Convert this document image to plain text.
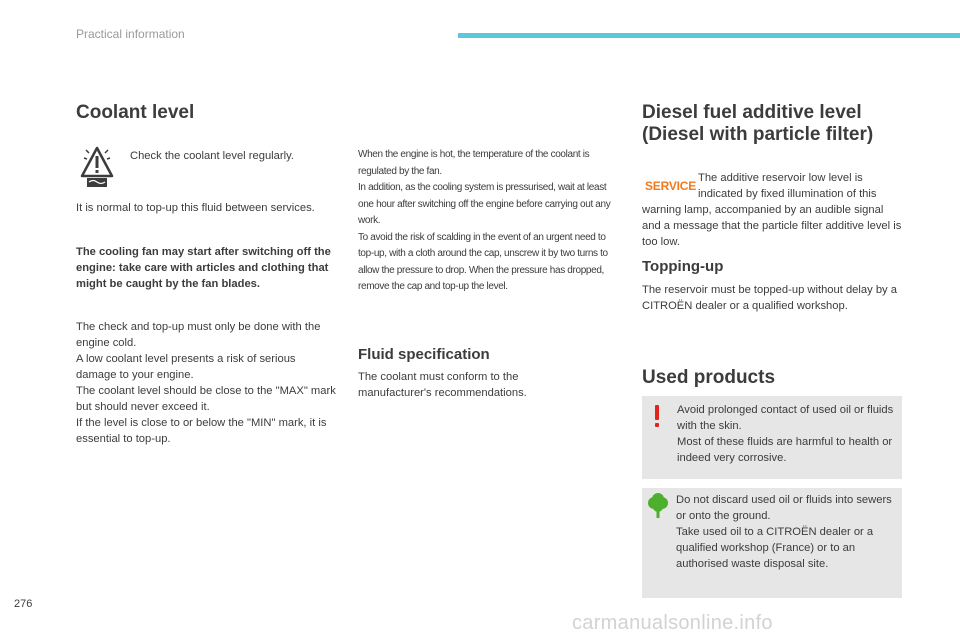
Practical information
Coolant level
Check the coolant level regularly.
It is normal to top-up this fluid between services.
The cooling fan may start after switching off the engine: take care with articles and clothing that might be caught by the fan blades.

The check and top-up must only be done with the engine cold.

A low coolant level presents a risk of serious damage to your engine.

The coolant level should be close to the "MAX" mark but should never exceed it.

If the level is close to or below the "MIN" mark, it is essential to top-up.

When the engine is hot, the temperature of the coolant is regulated by the fan.

In addition, as the cooling system is pressurised, wait at least one hour after switching off the engine before carrying out any work.

To avoid the risk of scalding in the event of an urgent need to top-up, with a cloth around the cap, unscrew it by two turns to allow the pressure to drop. When the pressure has dropped, remove the cap and top-up the level.

Fluid specification
The coolant must conform to the manufacturer's recommendations.
Diesel fuel additive level
(Diesel with particle filter)
SERVICE
The additive reservoir low level is indicated by fixed illumination of this
warning lamp, accompanied by an audible signal and a message that the particle filter additive level is too low.
Topping-up
The reservoir must be topped-up without delay by a CITROËN dealer or a qualified workshop.
Used products

Avoid prolonged contact of used oil or fluids with the skin.

Most of these fluids are harmful to health or indeed very corrosive.

Do not discard used oil or fluids into sewers or onto the ground.

Take used oil to a CITROËN dealer or a qualified workshop (France) or to an authorised waste disposal site.

276
carmanualsonline.info
